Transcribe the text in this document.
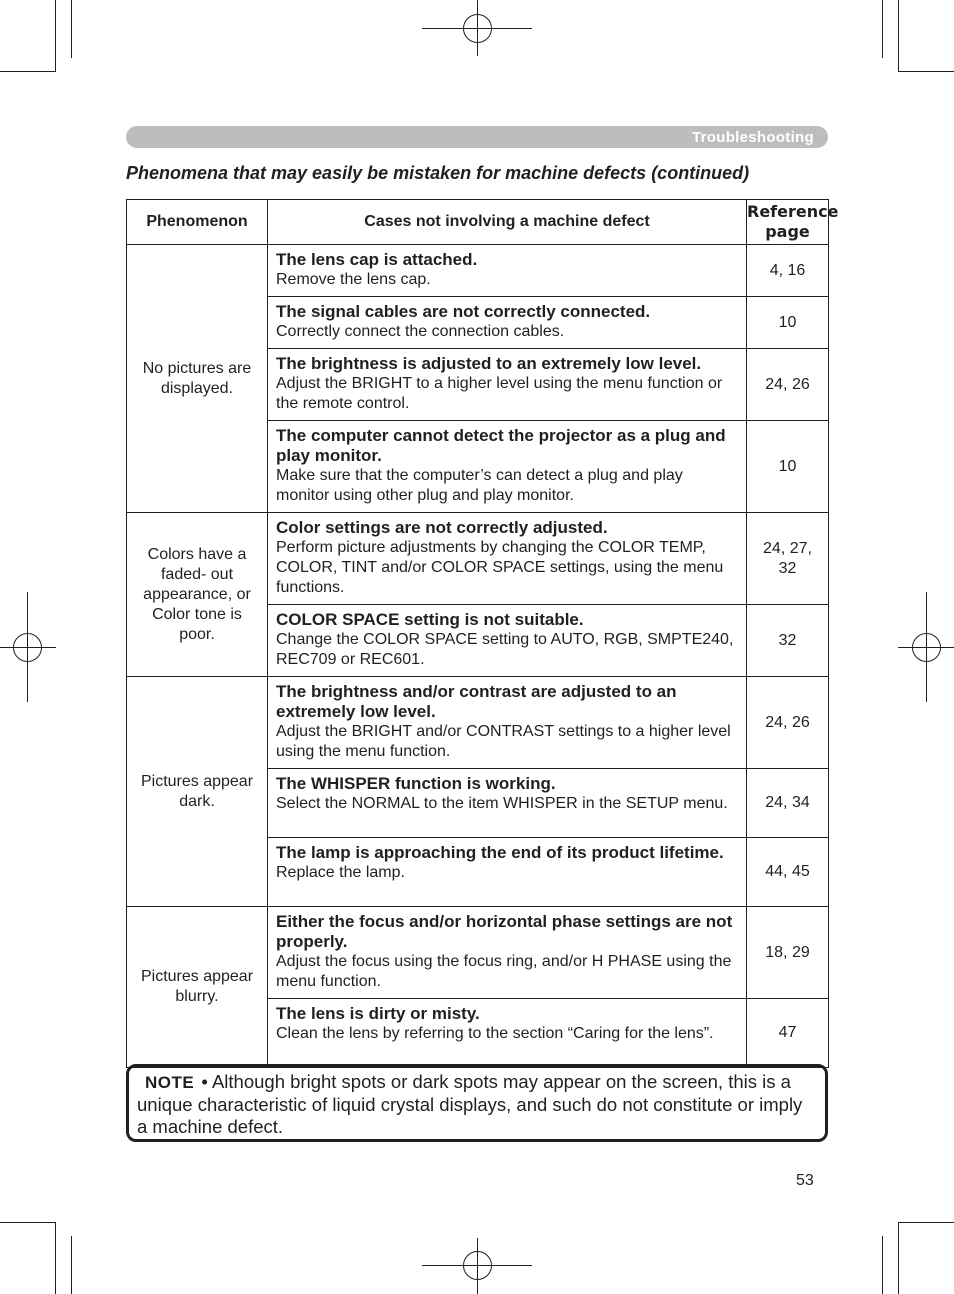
Troubleshooting
Phenomena that may easily be mistaken for machine defects (continued)
Phenomenon	Cases not involving a machine defect	Reference
page
No pictures are displayed.	The lens cap is attached.
Remove the lens cap.	4, 16

	The signal cables are not correctly connected.
Correctly connect the connection cables.	10

	The brightness is adjusted to an extremely low level.
Adjust the BRIGHT to a higher level using the menu function or the remote control.	24, 26

	The computer cannot detect the projector as a plug and play monitor.
Make sure that the computer’s can detect a plug and play monitor using other plug and play monitor.	10
Colors have a faded- out appearance, or Color tone is poor.	Color settings are not correctly adjusted.
Perform picture adjustments by changing the COLOR TEMP, COLOR, TINT and/or COLOR SPACE settings, using the menu functions.	24, 27, 32

	COLOR SPACE setting is not suitable.
Change the COLOR SPACE setting to AUTO, RGB, SMPTE240, REC709 or REC601.	32
Pictures appear dark.	The brightness and/or contrast are adjusted to an extremely low level.
Adjust the BRIGHT and/or CONTRAST settings to a higher level using the menu function.	24, 26

	The WHISPER function is working.
Select the NORMAL to the item WHISPER in the SETUP menu.	24, 34

	The lamp is approaching the end of its product lifetime.
Replace the lamp.	44, 45
Pictures appear blurry.	Either the focus and/or horizontal phase settings are not properly.
Adjust the focus using the focus ring, and/or H PHASE using the menu function.	18, 29

	The lens is dirty or misty.
Clean the lens by referring to the section “Caring for the lens”.	47
NOTE • Although bright spots or dark spots may appear on the screen, this is a unique characteristic of liquid crystal displays, and such do not constitute or imply a machine defect.
53
